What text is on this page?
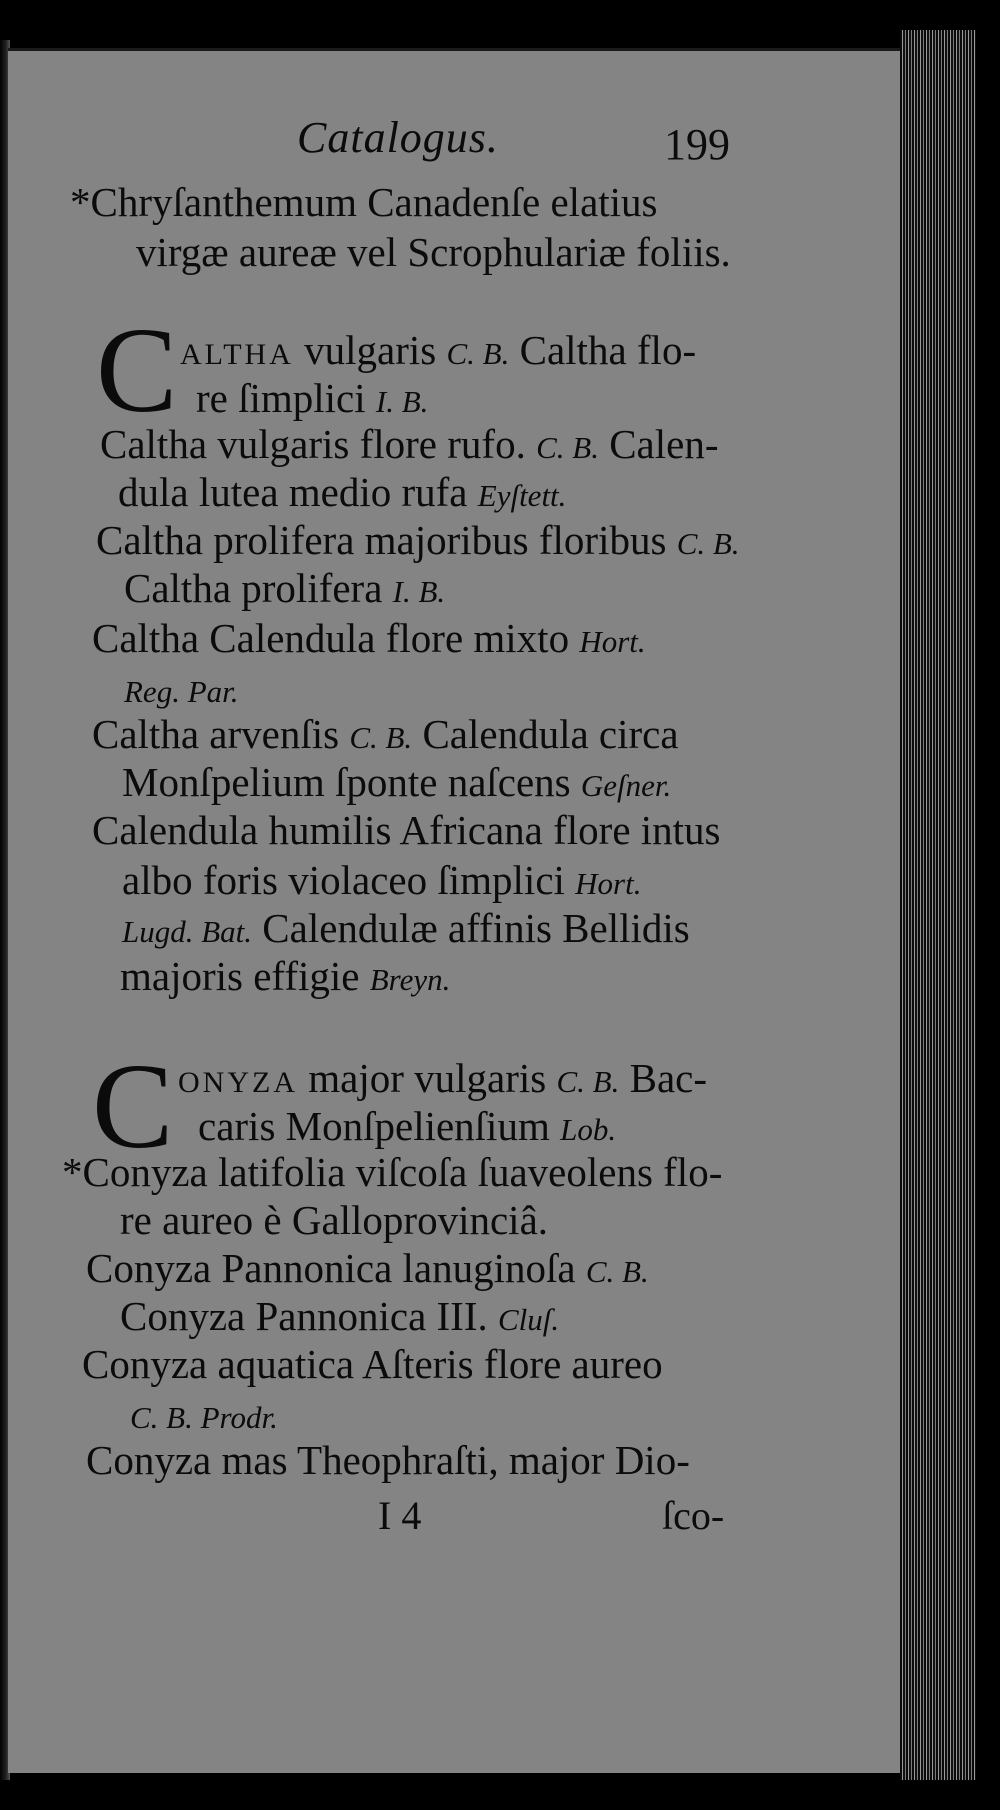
Catalogus.	199
*Chryſanthemum Canadenſe elatius
virgæ aureæ vel Scrophulariæ foliis.
C ALTHA vulgaris C. B. Caltha flo-
re ſimplici I. B.
Caltha vulgaris flore rufo. C. B. Calen-
dula lutea medio rufa Eyſtett.
Caltha prolifera majoribus floribus C. B.
Caltha prolifera I. B.
Caltha Calendula flore mixto Hort.
Reg. Par.
Caltha arvenſis C. B. Calendula circa
Monſpelium ſponte naſcens Geſner.
Calendula humilis Africana flore intus
albo foris violaceo ſimplici Hort.
Lugd. Bat. Calendulæ affinis Bellidis
majoris effigie Breyn.
C ONYZA major vulgaris C. B. Bac-
caris Monſpelienſium Lob.
*Conyza latifolia viſcoſa ſuaveolens flo-
re aureo è Galloprovinciâ.
Conyza Pannonica lanuginoſa C. B.
Conyza Pannonica III. Cluſ.
Conyza aquatica Aſteris flore aureo
C. B. Prodr.
Conyza mas Theophraſti, major Dio-
I 4	ſco-
